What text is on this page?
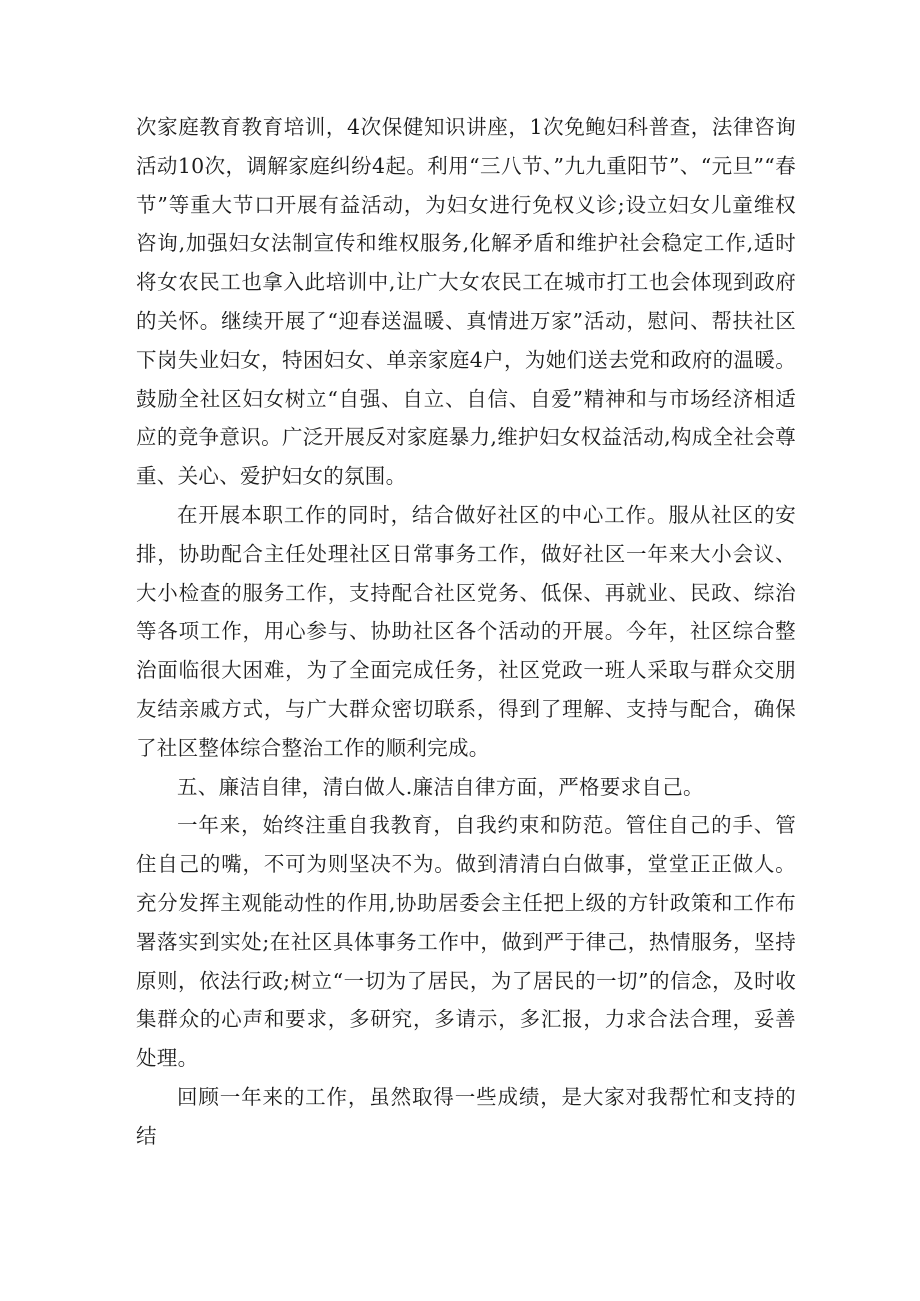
次家庭教育教育培训，4次保健知识讲座，1次免鲍妇科普查，法律咨询活动10次，调解家庭纠纷4起。利用“三八节、”九九重阳节”、“元旦”“春节”等重大节口开展有益活动，为妇女进行免权义诊;设立妇女儿童维权咨询,加强妇女法制宣传和维权服务,化解矛盾和维护社会稳定工作,适时将女农民工也拿入此培训中,让广大女农民工在城市打工也会体现到政府的关怀。继续开展了“迎春送温暖、真情进万家”活动，慰问、帮扶社区下岗失业妇女，特困妇女、单亲家庭4户，为她们送去党和政府的温暖。鼓励全社区妇女树立“自强、自立、自信、自爱”精神和与市场经济相适应的竞争意识。广泛开展反对家庭暴力,维护妇女权益活动,构成全社会尊重、关心、爱护妇女的氛围。

在开展本职工作的同时，结合做好社区的中心工作。服从社区的安排，协助配合主任处理社区日常事务工作，做好社区一年来大小会议、大小检查的服务工作，支持配合社区党务、低保、再就业、民政、综治等各项工作，用心参与、协助社区各个活动的开展。今年，社区综合整治面临很大困难，为了全面完成任务，社区党政一班人采取与群众交朋友结亲戚方式，与广大群众密切联系，得到了理解、支持与配合，确保了社区整体综合整治工作的顺利完成。

五、廉洁自律，清白做人.廉洁自律方面，严格要求自己。

一年来，始终注重自我教育，自我约束和防范。管住自己的手、管住自己的嘴，不可为则坚决不为。做到清清白白做事，堂堂正正做人。充分发挥主观能动性的作用,协助居委会主任把上级的方针政策和工作布署落实到实处;在社区具体事务工作中，做到严于律己，热情服务，坚持原则，依法行政;树立“一切为了居民，为了居民的一切”的信念，及时收集群众的心声和要求，多研究，多请示，多汇报，力求合法合理，妥善处理。

回顾一年来的工作，虽然取得一些成绩，是大家对我帮忙和支持的结
